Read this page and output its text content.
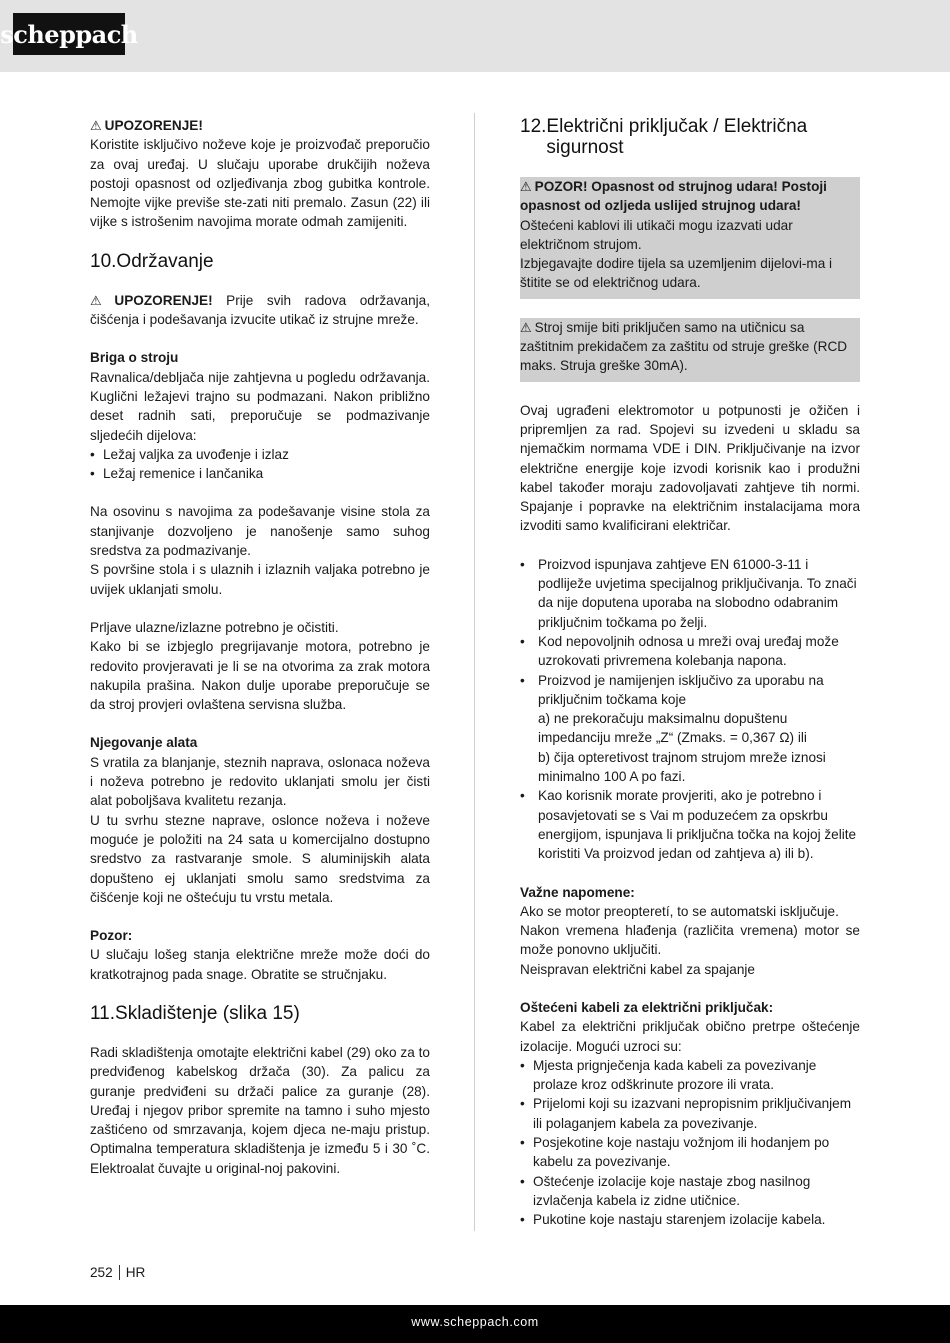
scheppach

⚠ UPOZORENJE!

Koristite isključivo noževe koje je proizvođač preporučio za ovaj uređaj. U slučaju uporabe drukčijih noževa postoji opasnost od ozljeđivanja zbog gubitka kontrole. Nemojte vijke previše ste-zati niti premalo. Zasun (22) ili vijke s istrošenim navojima morate odmah zamijeniti.

10. Održavanje

⚠ UPOZORENJE! Prije svih radova održavanja, čišćenja i podešavanja izvucite utikač iz strujne mreže.

Briga o stroju

Ravnalica/debljača nije zahtjevna u pogledu održavanja. Kuglični ležajevi trajno su podmazani. Nakon približno deset radnih sati, preporučuje se podmazivanje sljedećih dijelova:

• Ležaj valjka za uvođenje i izlaz
• Ležaj remenice i lančanika

Na osovinu s navojima za podešavanje visine stola za stanjivanje dozvoljeno je nanošenje samo suhog sredstva za podmazivanje.

S površine stola i s ulaznih i izlaznih valjaka potrebno je uvijek uklanjati smolu.

Prljave ulazne/izlazne potrebno je očistiti.

Kako bi se izbjeglo pregrijavanje motora, potrebno je redovito provjeravati je li se na otvorima za zrak motora nakupila prašina. Nakon dulje uporabe preporučuje se da stroj provjeri ovlaštena servisna služba.

Njegovanje alata

S vratila za blanjanje, steznih naprava, oslonaca noževa i noževa potrebno je redovito uklanjati smolu jer čisti alat poboljšava kvalitetu rezanja.

U tu svrhu stezne naprave, oslonce noževa i noževe moguće je položiti na 24 sata u komercijalno dostupno sredstvo za rastvaranje smole. S aluminijskih alata dopušteno ej uklanjati smolu samo sredstvima za čišćenje koji ne oštećuju tu vrstu metala.

Pozor:

U slučaju lošeg stanja električne mreže može doći do kratkotrajnog pada snage. Obratite se stručnjaku.

11. Skladištenje (slika 15)

Radi skladištenja omotajte električni kabel (29) oko za to predviđenog kabelskog držača (30). Za palicu za guranje predviđeni su držači palice za guranje (28). Uređaj i njegov pribor spremite na tamno i suho mjesto zaštićeno od smrzavanja, kojem djeca ne-maju pristup. Optimalna temperatura skladištenja je između 5 i 30 ˚C. Elektroalat čuvajte u original-noj pakovini.

12. Električni priključak / Električna sigurnost

⚠ POZOR! Opasnost od strujnog udara! Postoji opasnost od ozljeda uslijed strujnog udara!

Oštećeni kablovi ili utikači mogu izazvati udar električnom strujom.

Izbjegavajte dodire tijela sa uzemljenim dijelovi-ma i štitite se od električnog udara.

⚠ Stroj smije biti priključen samo na utičnicu sa zaštitnim prekidačem za zaštitu od struje greške (RCD maks. Struja greške 30mA).

Ovaj ugrađeni elektromotor u potpunosti je ožičen i pripremljen za rad. Spojevi su izvedeni u skladu sa njemačkim normama VDE i DIN. Priključivanje na izvor električne energije koje izvodi korisnik kao i produžni kabel također moraju zadovoljavati zahtjeve tih normi. Spajanje i popravke na električnim instalacijama mora izvoditi samo kvalificirani električar.

• Proizvod ispunjava zahtjeve EN 61000-3-11 i podliježe uvjetima specijalnog priključivanja. To znači da nije doputena uporaba na slobodno odabranim priključnim točkama po želji.
• Kod nepovoljnih odnosa u mreži ovaj uređaj može uzrokovati privremena kolebanja napona.
• Proizvod je namijenjen isključivo za uporabu na priključnim točkama koje
a) ne prekoračuju maksimalnu dopuštenu impedanciju mreže „Z“ (Zmaks. = 0,367 Ω) ili
b) čija opteretivost trajnom strujom mreže iznosi minimalno 100 A po fazi.
• Kao korisnik morate provjeriti, ako je potrebno i posavjetovati se s Vai m poduzećem za opskrbu energijom, ispunjava li priključna točka na kojoj želite koristiti Va proizvod jedan od zahtjeva a) ili b).

Važne napomene:

Ako se motor preopteretí, to se automatski isključuje.

Nakon vremena hlađenja (različita vremena) motor se može ponovno uključiti.

Neispravan električni kabel za spajanje

Oštećeni kabeli za električni priključak:

Kabel za električni priključak obično pretrpe oštećenje izolacije. Mogući uzroci su:

• Mjesta prignječenja kada kabeli za povezivanje prolaze kroz odškrinute prozore ili vrata.
• Prijelomi koji su izazvani nepropisnim priključivanjem ili polaganjem kabela za povezivanje.
• Posjekotine koje nastaju vožnjom ili hodanjem po kabelu za povezivanje.
• Oštećenje izolacije koje nastaje zbog nasilnog izvlačenja kabela iz zidne utičnice.
• Pukotine koje nastaju starenjem izolacije kabela.
252 HR
www.scheppach.com
